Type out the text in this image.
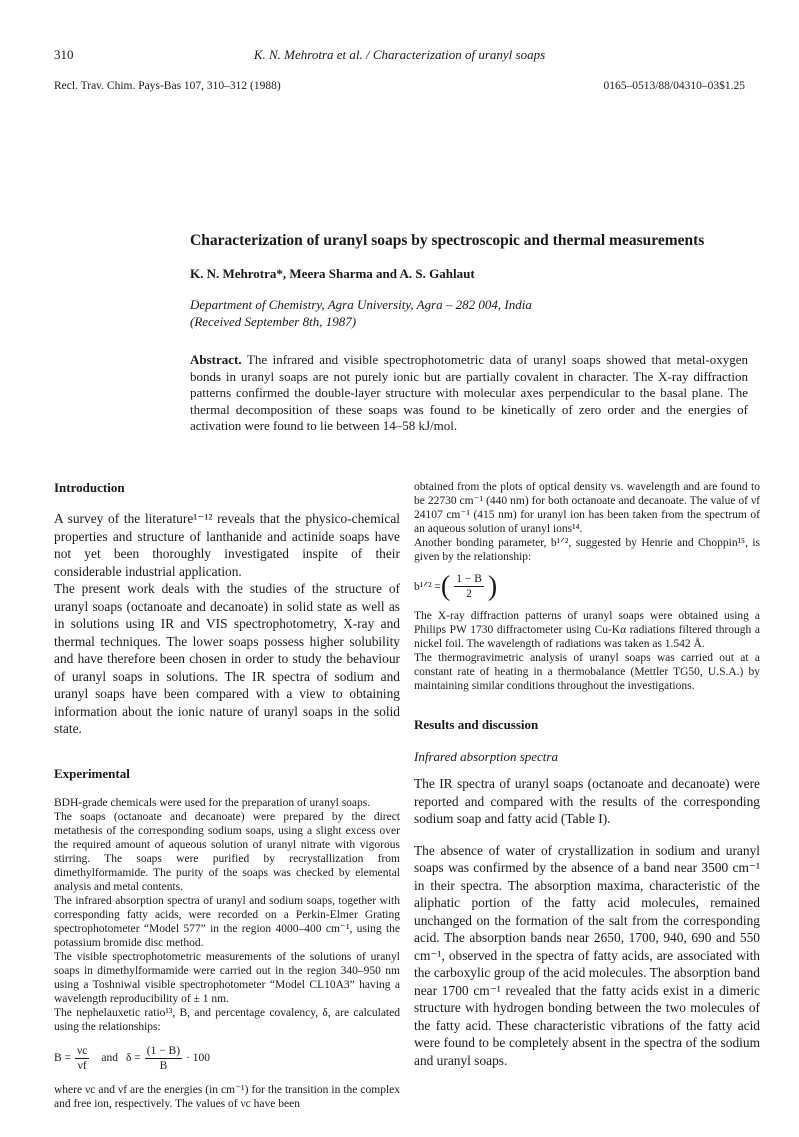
310	K. N. Mehrotra et al. / Characterization of uranyl soaps
Recl. Trav. Chim. Pays-Bas 107, 310–312 (1988)	0165–0513/88/04310–03$1.25
Characterization of uranyl soaps by spectroscopic and thermal measurements
K. N. Mehrotra*, Meera Sharma and A. S. Gahlaut
Department of Chemistry, Agra University, Agra – 282 004, India
(Received September 8th, 1987)
Abstract. The infrared and visible spectrophotometric data of uranyl soaps showed that metal-oxygen bonds in uranyl soaps are not purely ionic but are partially covalent in character. The X-ray diffraction patterns confirmed the double-layer structure with molecular axes perpendicular to the basal plane. The thermal decomposition of these soaps was found to be kinetically of zero order and the energies of activation were found to lie between 14–58 kJ/mol.
Introduction

A survey of the literature¹⁻¹² reveals that the physico-chemical properties and structure of lanthanide and actinide soaps have not yet been thoroughly investigated inspite of their considerable industrial application.

The present work deals with the studies of the structure of uranyl soaps (octanoate and decanoate) in solid state as well as in solutions using IR and VIS spectrophotometry, X-ray and thermal techniques. The lower soaps possess higher solubility and have therefore been chosen in order to study the behaviour of uranyl soaps in solutions. The IR spectra of sodium and uranyl soaps have been compared with a view to obtaining information about the ionic nature of uranyl soaps in the solid state.

Experimental

BDH-grade chemicals were used for the preparation of uranyl soaps.

The soaps (octanoate and decanoate) were prepared by the direct metathesis of the corresponding sodium soaps, using a slight excess over the required amount of aqueous solution of uranyl nitrate with vigorous stirring. The soaps were purified by recrystallization from dimethylformamide. The purity of the soaps was checked by elemental analysis and metal contents.

The infrared absorption spectra of uranyl and sodium soaps, together with corresponding fatty acids, were recorded on a Perkin-Elmer Grating spectrophotometer “Model 577” in the region 4000–400 cm⁻¹, using the potassium bromide disc method.

The visible spectrophotometric measurements of the solutions of uranyl soaps in dimethylformamide were carried out in the region 340–950 nm using a Toshniwal visible spectrophotometer “Model CL10A3” having a wavelength reproducibility of ± 1 nm.

The nephelauxetic ratio¹³, B, and percentage covalency, δ, are calculated using the relationships:

$B = \frac{\nu c}{\nu f}$ and $\delta = \frac{(1 - B)}{B} \cdot 100$

where νc and νf are the energies (in cm⁻¹) for the transition in the complex and free ion, respectively. The values of νc have been

obtained from the plots of optical density vs. wavelength and are found to be 22730 cm⁻¹ (440 nm) for both octanoate and decanoate. The value of νf 24107 cm⁻¹ (415 nm) for uranyl ion has been taken from the spectrum of an aqueous solution of uranyl ions¹⁴.

Another bonding parameter, b¹ᐟ², suggested by Henrie and Choppin¹⁵, is given by the relationship:

b¹ᐟ² = ( $\frac{1 - B}{2}$ )

The X-ray diffraction patterns of uranyl soaps were obtained using a Philips PW 1730 diffractometer using Cu-Kα radiations filtered through a nickel foil. The wavelength of radiations was taken as 1.542 Å.

The thermogravimetric analysis of uranyl soaps was carried out at a constant rate of heating in a thermobalance (Mettler TG50, U.S.A.) by maintaining similar conditions throughout the investigations.

Results and discussion
Infrared absorption spectra

The IR spectra of uranyl soaps (octanoate and decanoate) were reported and compared with the results of the corresponding sodium soap and fatty acid (Table I).

The absence of water of crystallization in sodium and uranyl soaps was confirmed by the absence of a band near 3500 cm⁻¹ in their spectra. The absorption maxima, characteristic of the aliphatic portion of the fatty acid molecules, remained unchanged on the formation of the salt from the corresponding acid. The absorption bands near 2650, 1700, 940, 690 and 550 cm⁻¹, observed in the spectra of fatty acids, are associated with the carboxylic group of the acid molecules. The absorption band near 1700 cm⁻¹ revealed that the fatty acids exist in a dimeric structure with hydrogen bonding between the two molecules of the fatty acid. These characteristic vibrations of the fatty acid were found to be completely absent in the spectra of the sodium and uranyl soaps.
